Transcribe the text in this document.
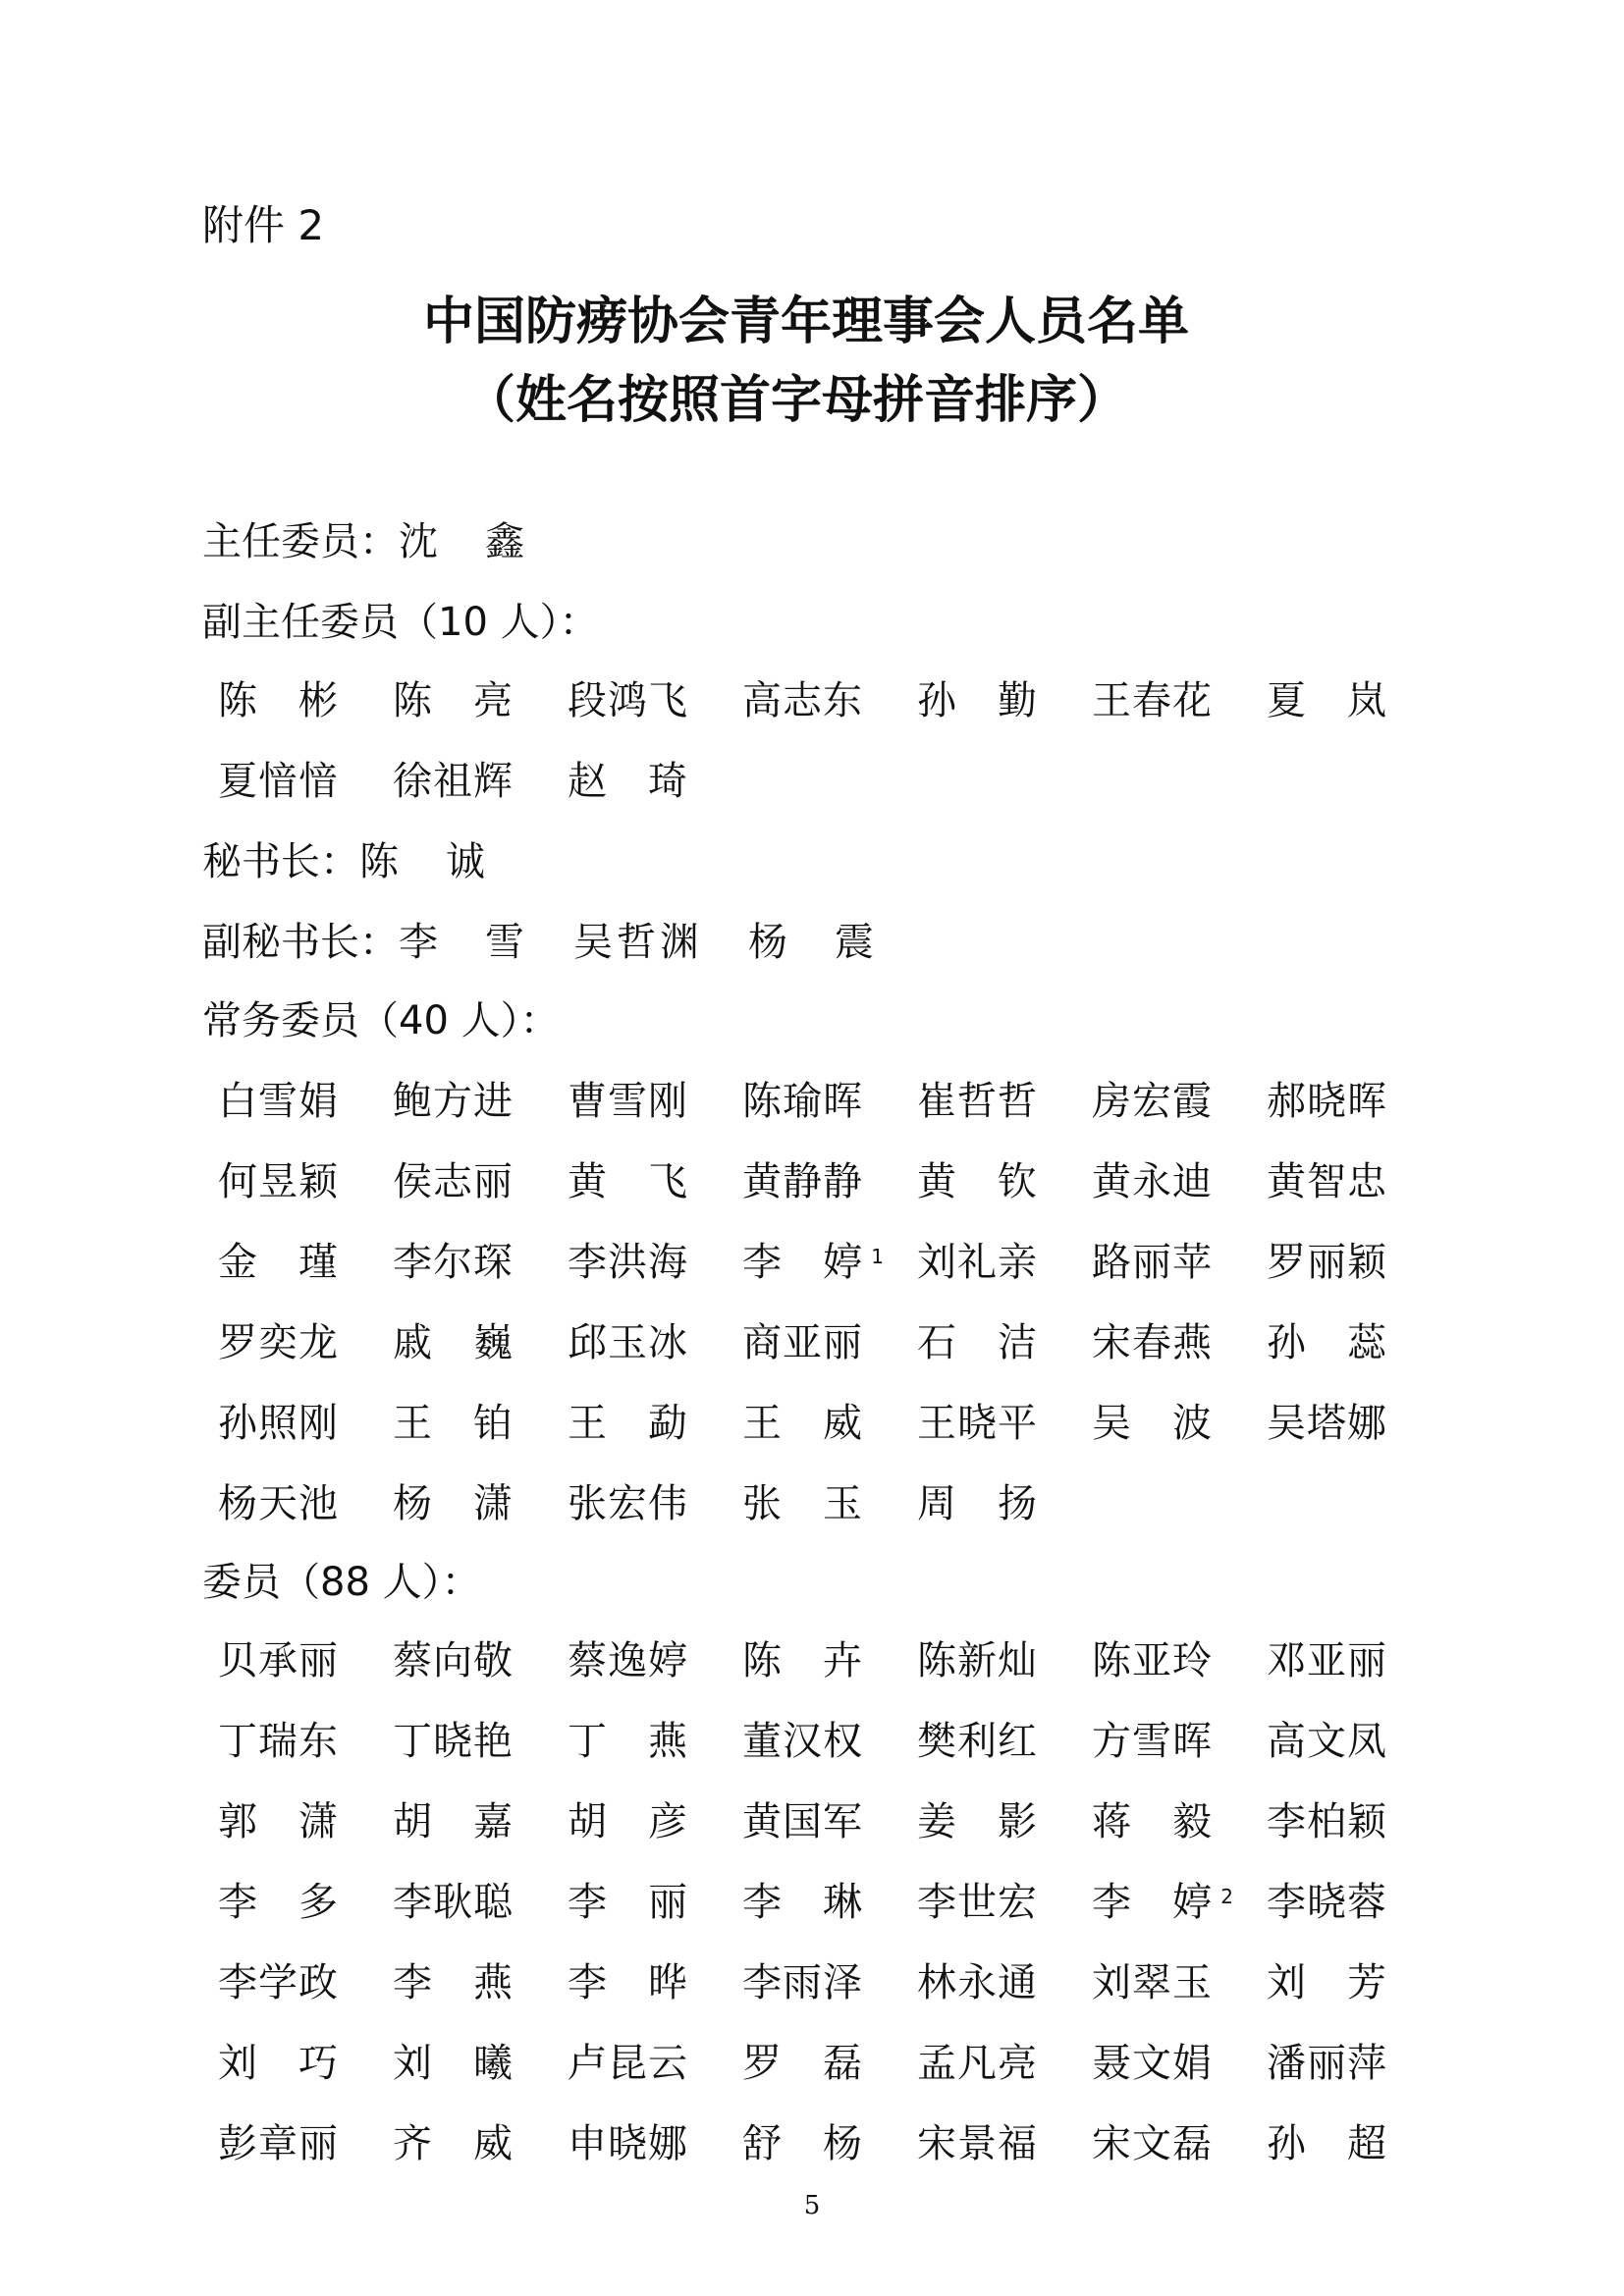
附件 2
中国防痨协会青年理事会人员名单
（姓名按照首字母拼音排序）
主任委员：沈 鑫
副主任委员（10 人）：
陈 彬 陈 亮 段鸿飞 高志东 孙 勤 王春花 夏 岚
夏愔愔 徐祖辉 赵 琦
秘书长：陈 诚
副秘书长：李 雪 吴哲渊 杨 震
常务委员（40 人）：
白雪娟 鲍方进 曹雪刚 陈瑜晖 崔哲哲 房宏霞 郝晓晖
何昱颖 侯志丽 黄 飞 黄静静 黄 钦 黄永迪 黄智忠
金 瑾 李尔琛 李洪海 李 婷 1 刘礼亲 路丽苹 罗丽颖
罗奕龙 戚 巍 邱玉冰 商亚丽 石 洁 宋春燕 孙 蕊
孙照刚 王 铂 王 勐 王 威 王晓平 吴 波 吴塔娜
杨天池 杨 潇 张宏伟 张 玉 周 扬
委员（88 人）：
贝承丽 蔡向敬 蔡逸婷 陈 卉 陈新灿 陈亚玲 邓亚丽
丁瑞东 丁晓艳 丁 燕 董汉权 樊利红 方雪晖 高文凤
郭 潇 胡 嘉 胡 彦 黄国军 姜 影 蒋 毅 李柏颖
李 多 李耿聪 李 丽 李 琳 李世宏 李 婷 2 李晓蓉
李学政 李 燕 李 晔 李雨泽 林永通 刘翠玉 刘 芳
刘 巧 刘 曦 卢昆云 罗 磊 孟凡亮 聂文娟 潘丽萍
彭章丽 齐 威 申晓娜 舒 杨 宋景福 宋文磊 孙 超
5
